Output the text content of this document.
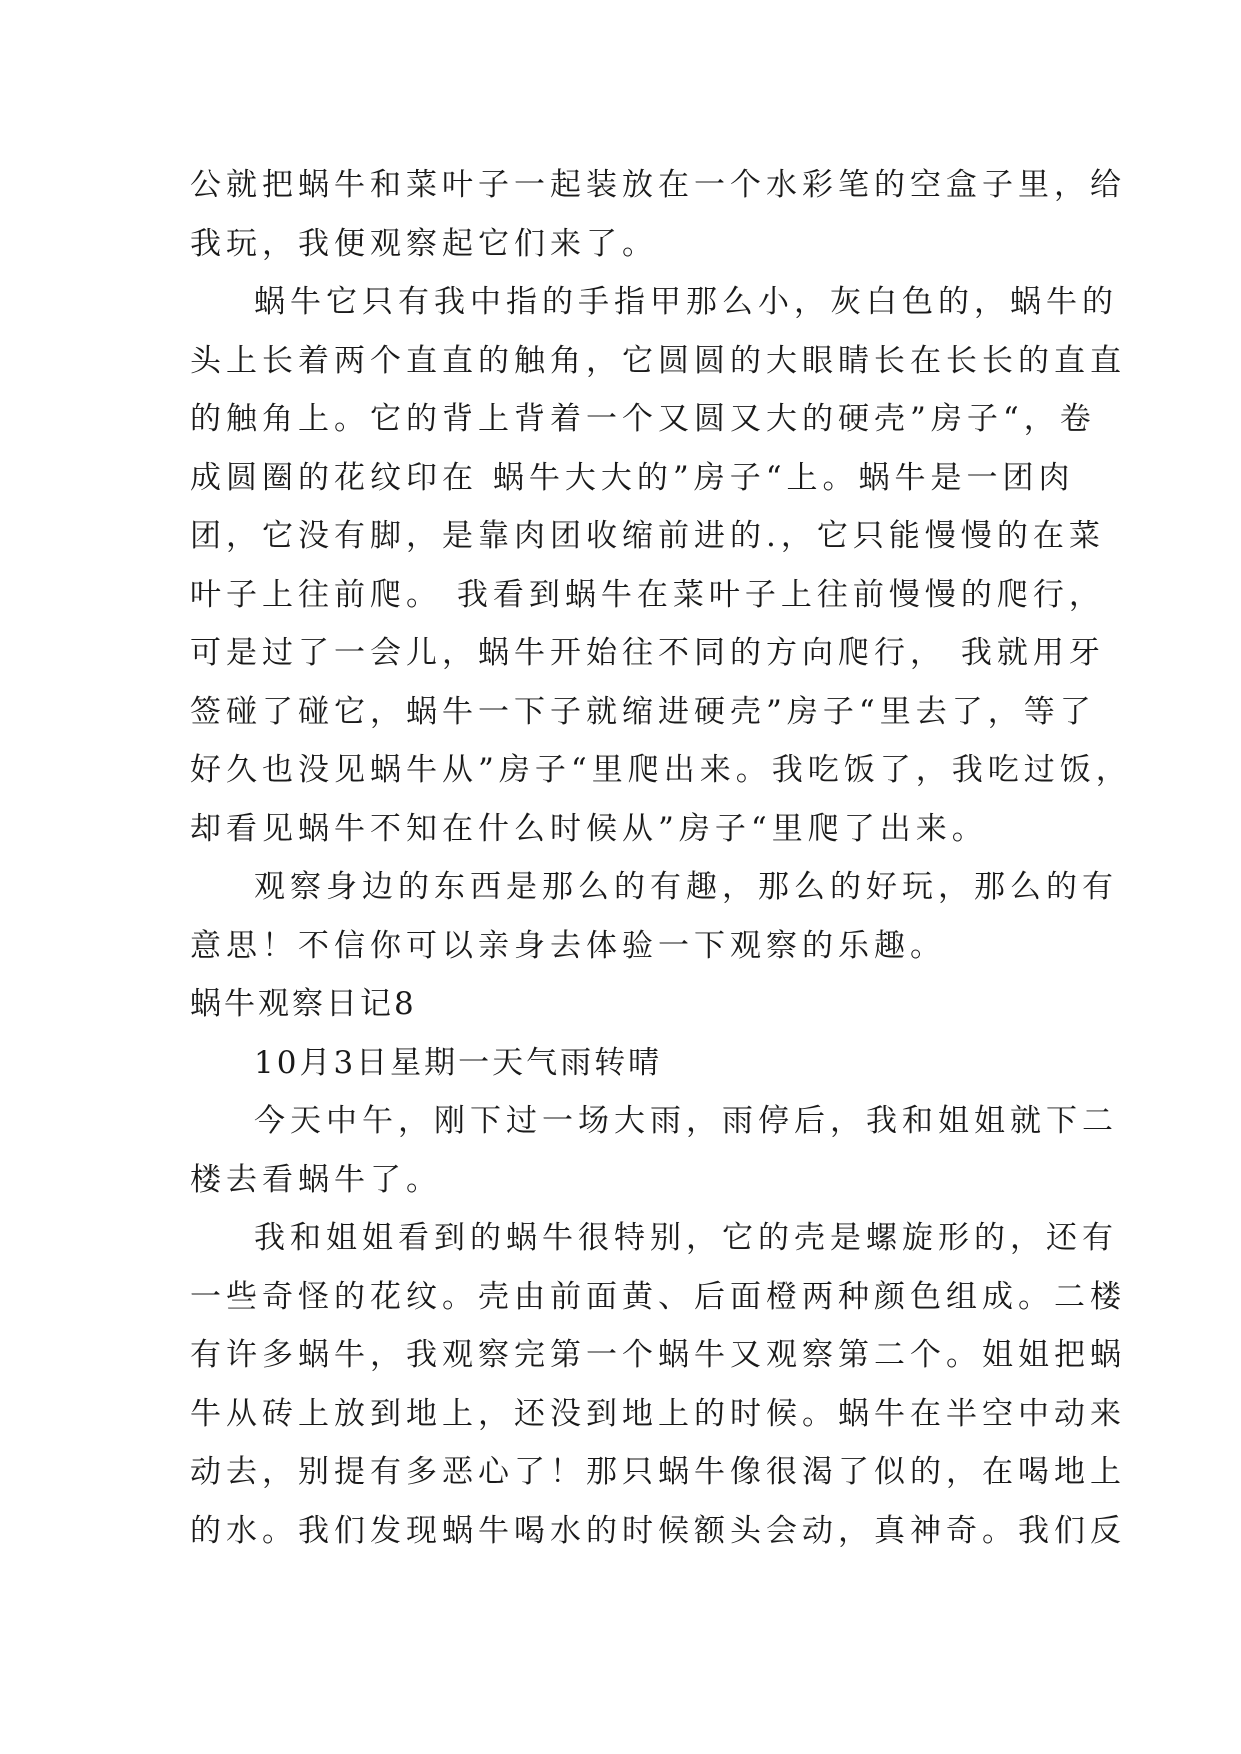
公就把蜗牛和菜叶子一起装放在一个水彩笔的空盒子里，给
我玩，我便观察起它们来了。
蜗牛它只有我中指的手指甲那么小，灰白色的，蜗牛的
头上长着两个直直的触角，它圆圆的大眼睛长在长长的直直
的触角上。它的背上背着一个又圆又大的硬壳”房子“，卷
成圆圈的花纹印在 蜗牛大大的”房子“上。蜗牛是一团肉
团，它没有脚，是靠肉团收缩前进的.，它只能慢慢的在菜
叶子上往前爬。 我看到蜗牛在菜叶子上往前慢慢的爬行，
可是过了一会儿，蜗牛开始往不同的方向爬行， 我就用牙
签碰了碰它，蜗牛一下子就缩进硬壳”房子“里去了，等了
好久也没见蜗牛从”房子“里爬出来。我吃饭了，我吃过饭，
却看见蜗牛不知在什么时候从”房子“里爬了出来。
观察身边的东西是那么的有趣，那么的好玩，那么的有
意思！不信你可以亲身去体验一下观察的乐趣。
蜗牛观察日记8
10月3日星期一天气雨转晴
今天中午，刚下过一场大雨，雨停后，我和姐姐就下二
楼去看蜗牛了。
我和姐姐看到的蜗牛很特别，它的壳是螺旋形的，还有
一些奇怪的花纹。壳由前面黄、后面橙两种颜色组成。二楼
有许多蜗牛，我观察完第一个蜗牛又观察第二个。姐姐把蜗
牛从砖上放到地上，还没到地上的时候。蜗牛在半空中动来
动去，别提有多恶心了！那只蜗牛像很渴了似的，在喝地上
的水。我们发现蜗牛喝水的时候额头会动，真神奇。我们反
